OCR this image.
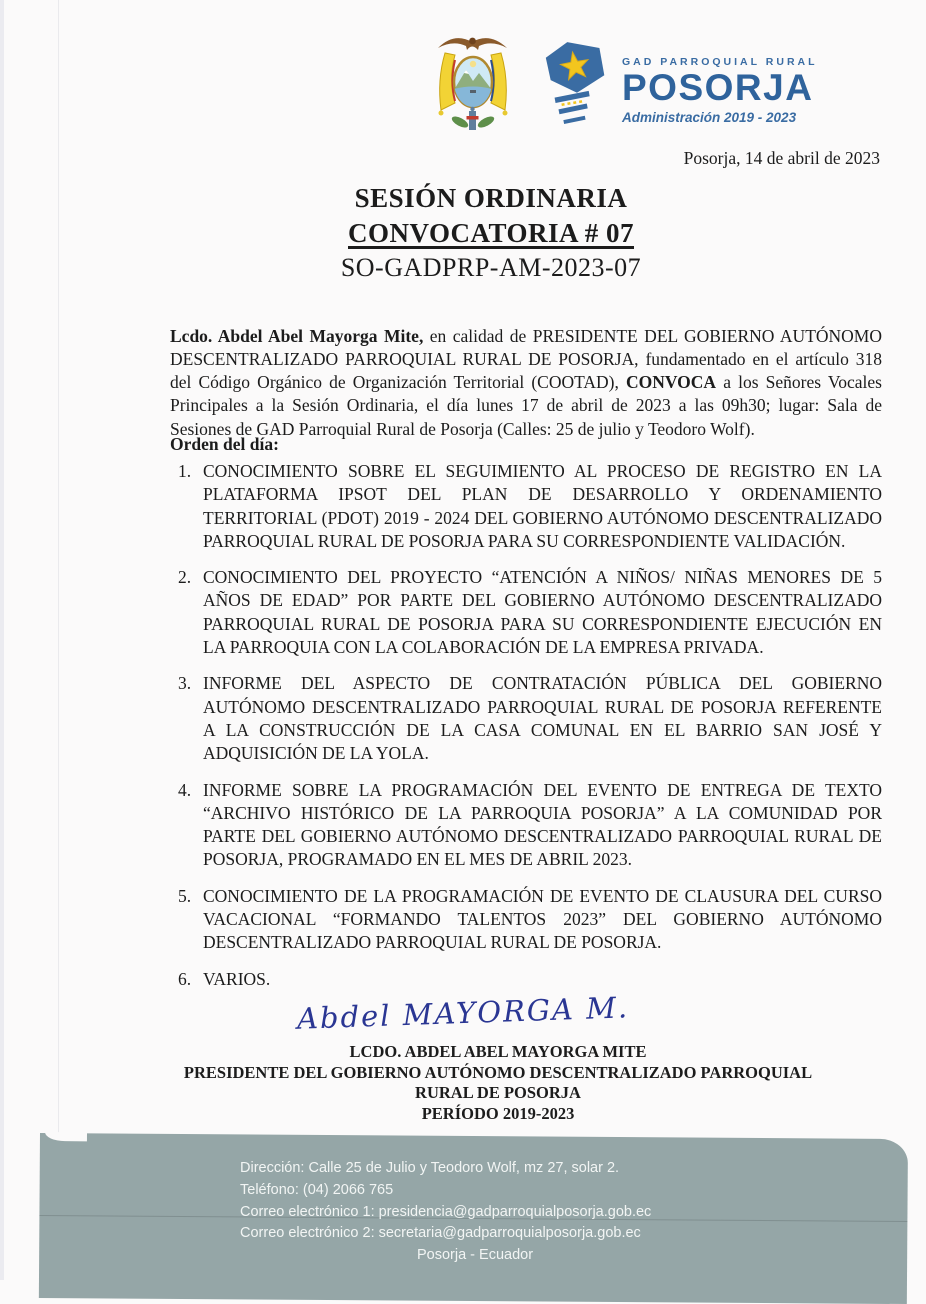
GAD PARROQUIAL RURAL
POSORJA
Administración 2019 - 2023
Posorja, 14 de abril de 2023
SESIÓN ORDINARIA
CONVOCATORIA # 07
SO-GADPRP-AM-2023-07

Lcdo. Abdel Abel Mayorga Mite, en calidad de PRESIDENTE DEL GOBIERNO AUTÓNOMO DESCENTRALIZADO PARROQUIAL RURAL DE POSORJA, fundamentado en el artículo 318 del Código Orgánico de Organización Territorial (COOTAD), CONVOCA a los Señores Vocales Principales a la Sesión Ordinaria, el día lunes 17 de abril de 2023 a las 09h30; lugar: Sala de Sesiones de GAD Parroquial Rural de Posorja (Calles: 25 de julio y Teodoro Wolf).

Orden del día:
1. CONOCIMIENTO SOBRE EL SEGUIMIENTO AL PROCESO DE REGISTRO EN LA PLATAFORMA IPSOT DEL PLAN DE DESARROLLO Y ORDENAMIENTO TERRITORIAL (PDOT) 2019 - 2024 DEL GOBIERNO AUTÓNOMO DESCENTRALIZADO PARROQUIAL RURAL DE POSORJA PARA SU CORRESPONDIENTE VALIDACIÓN.
2. CONOCIMIENTO DEL PROYECTO “ATENCIÓN A NIÑOS/ NIÑAS MENORES DE 5 AÑOS DE EDAD” POR PARTE DEL GOBIERNO AUTÓNOMO DESCENTRALIZADO PARROQUIAL RURAL DE POSORJA PARA SU CORRESPONDIENTE EJECUCIÓN EN LA PARROQUIA CON LA COLABORACIÓN DE LA EMPRESA PRIVADA.
3. INFORME DEL ASPECTO DE CONTRATACIÓN PÚBLICA DEL GOBIERNO AUTÓNOMO DESCENTRALIZADO PARROQUIAL RURAL DE POSORJA REFERENTE A LA CONSTRUCCIÓN DE LA CASA COMUNAL EN EL BARRIO SAN JOSÉ Y ADQUISICIÓN DE LA YOLA.
4. INFORME SOBRE LA PROGRAMACIÓN DEL EVENTO DE ENTREGA DE TEXTO “ARCHIVO HISTÓRICO DE LA PARROQUIA POSORJA” A LA COMUNIDAD POR PARTE DEL GOBIERNO AUTÓNOMO DESCENTRALIZADO PARROQUIAL RURAL DE POSORJA, PROGRAMADO EN EL MES DE ABRIL 2023.
5. CONOCIMIENTO DE LA PROGRAMACIÓN DE EVENTO DE CLAUSURA DEL CURSO VACACIONAL “FORMANDO TALENTOS 2023” DEL GOBIERNO AUTÓNOMO DESCENTRALIZADO PARROQUIAL RURAL DE POSORJA.
6. VARIOS.
Abdel MAYORGA M.
LCDO. ABDEL ABEL MAYORGA MITE
PRESIDENTE DEL GOBIERNO AUTÓNOMO DESCENTRALIZADO PARROQUIAL
RURAL DE POSORJA
PERÍODO 2019-2023
Dirección: Calle 25 de Julio y Teodoro Wolf, mz 27, solar 2.
Teléfono: (04) 2066 765
Correo electrónico 1: presidencia@gadparroquialposorja.gob.ec
Correo electrónico 2: secretaria@gadparroquialposorja.gob.ec
Posorja - Ecuador
